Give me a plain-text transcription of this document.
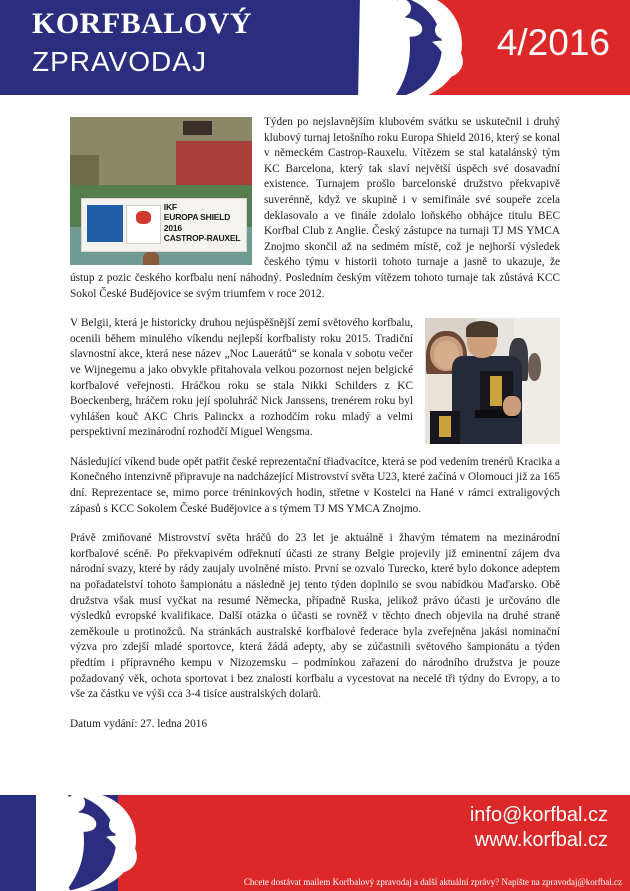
KORFBALOVÝ
ZPRAVODAJ	4/2016
IKF
EUROPA SHIELD 2016
CASTROP-RAUXEL

Týden po nejslavnějším klubovém svátku se uskutečnil i druhý klubový turnaj letošního roku Europa Shield 2016, který se konal v německém Castrop-Rauxelu. Vítězem se stal katalánský tým KC Barcelona, který tak slaví největší úspěch své dosavadní existence. Turnajem prošlo barcelonské družstvo překvapivě suverénně, když ve skupině i v semifinále své soupeře zcela deklasovalo a ve finále zdolalo loňského obhájce titulu BEC Korfbal Club z Anglie. Český zástupce na turnaji TJ MS YMCA Znojmo skončil až na sedmém místě, což je nejhorší výsledek českého týmu v historii tohoto turnaje a jasně to ukazuje, že ústup z pozic českého korfbalu není náhodný. Posledním českým vítězem tohoto turnaje tak zůstává KCC Sokol České Budějovice se svým triumfem v roce 2012.

V Belgii, která je historicky druhou nejúspěšnější zemí světového korfbalu, ocenili během minulého víkendu nejlepší korfbalisty roku 2015. Tradiční slavnostní akce, která nese název „Noc Lauerátů“ se konala v sobotu večer ve Wijnegemu a jako obvykle přitahovala velkou pozornost nejen belgické korfbalové veřejnosti. Hráčkou roku se stala Nikki Schilders z KC Boeckenberg, hráčem roku její spoluhráč Nick Janssens, trenérem roku byl vyhlášen kouč AKC Chris Palinckx a rozhodčím roku mladý a velmi perspektivní mezinárodní rozhodčí Miguel Wengsma.

Následující víkend bude opět patřit české reprezentační třiadvacítce, která se pod vedením trenérů Kracika a Konečného intenzivně připravuje na nadcházející Mistrovství světa U23, které začíná v Olomouci již za 165 dní. Reprezentace se, mimo porce tréninkových hodin, střetne v Kostelci na Hané v rámci extraligových zápasů s KCC Sokolem České Budějovice a s týmem TJ MS YMCA Znojmo.

Právě zmiňované Mistrovství světa hráčů do 23 let je aktuálně i žhavým tématem na mezinárodní korfbalové scéně. Po překvapivém odřeknutí účasti ze strany Belgie projevily již eminentní zájem dva národní svazy, které by rády zaujaly uvolněné místo. První se ozvalo Turecko, které bylo dokonce adeptem na pořadatelství tohoto šampionátu a následně jej tento týden doplnilo se svou nabídkou Maďarsko. Obě družstva však musí vyčkat na resumé Německa, případně Ruska, jelikož právo účasti je určováno dle výsledků evropské kvalifikace. Další otázka o účasti se rovněž v těchto dnech objevila na druhé straně zeměkoule u protinožců. Na stránkách australské korfbalové federace byla zveřejněna jakási nominační výzva pro zdejší mladé sportovce, která žádá adepty, aby se zúčastnili světového šampionátu a týden předtím i přípravného kempu v Nizozemsku – podmínkou zařazení do národního družstva je pouze požadovaný věk, ochota sportovat i bez znalosti korfbalu a vycestovat na necelé tři týdny do Evropy, a to vše za částku ve výši cca 3-4 tisíce australských dolarů.

Datum vydání: 27. ledna 2016

info@korfbal.cz
www.korfbal.cz
Chcete dostávat mailem Korfbalový zpravodaj a další aktuální zprávy? Napište na zpravodaj@korfbal.cz
